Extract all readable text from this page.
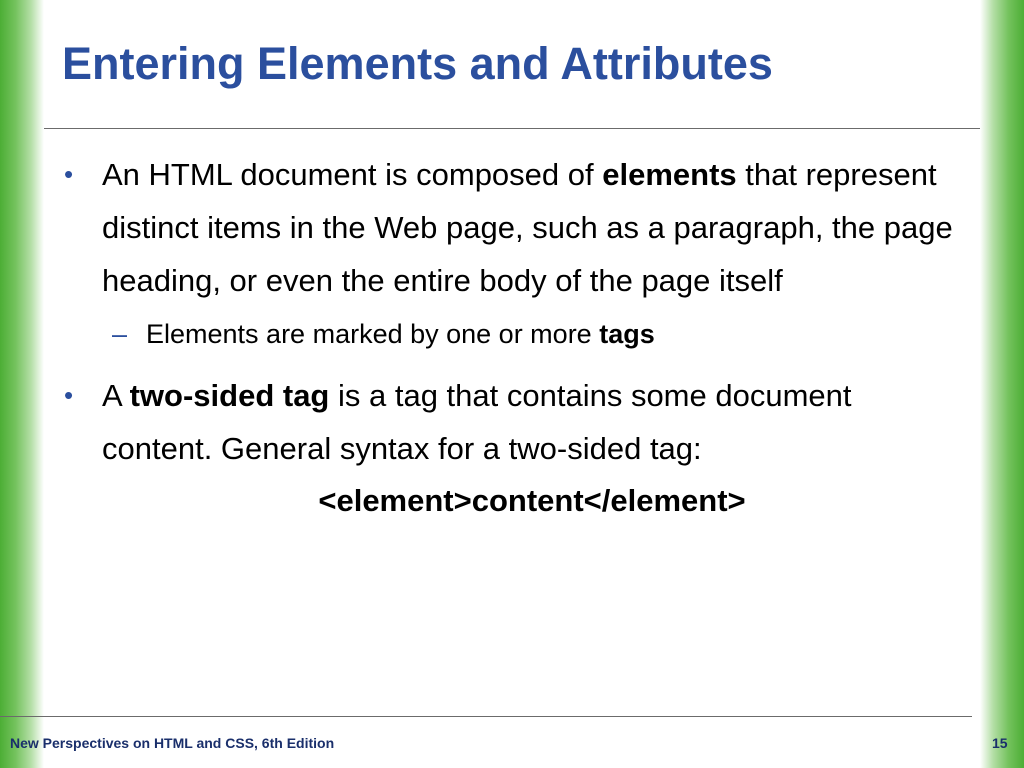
Entering Elements and Attributes

• An HTML document is composed of elements that represent distinct items in the Web page, such as a paragraph, the page heading, or even the entire body of the page itself

– Elements are marked by one or more tags

• A two-sided tag is a tag that contains some document content. General syntax for a two-sided tag:

<element>content</element>

New Perspectives on HTML and CSS, 6th Edition	15
